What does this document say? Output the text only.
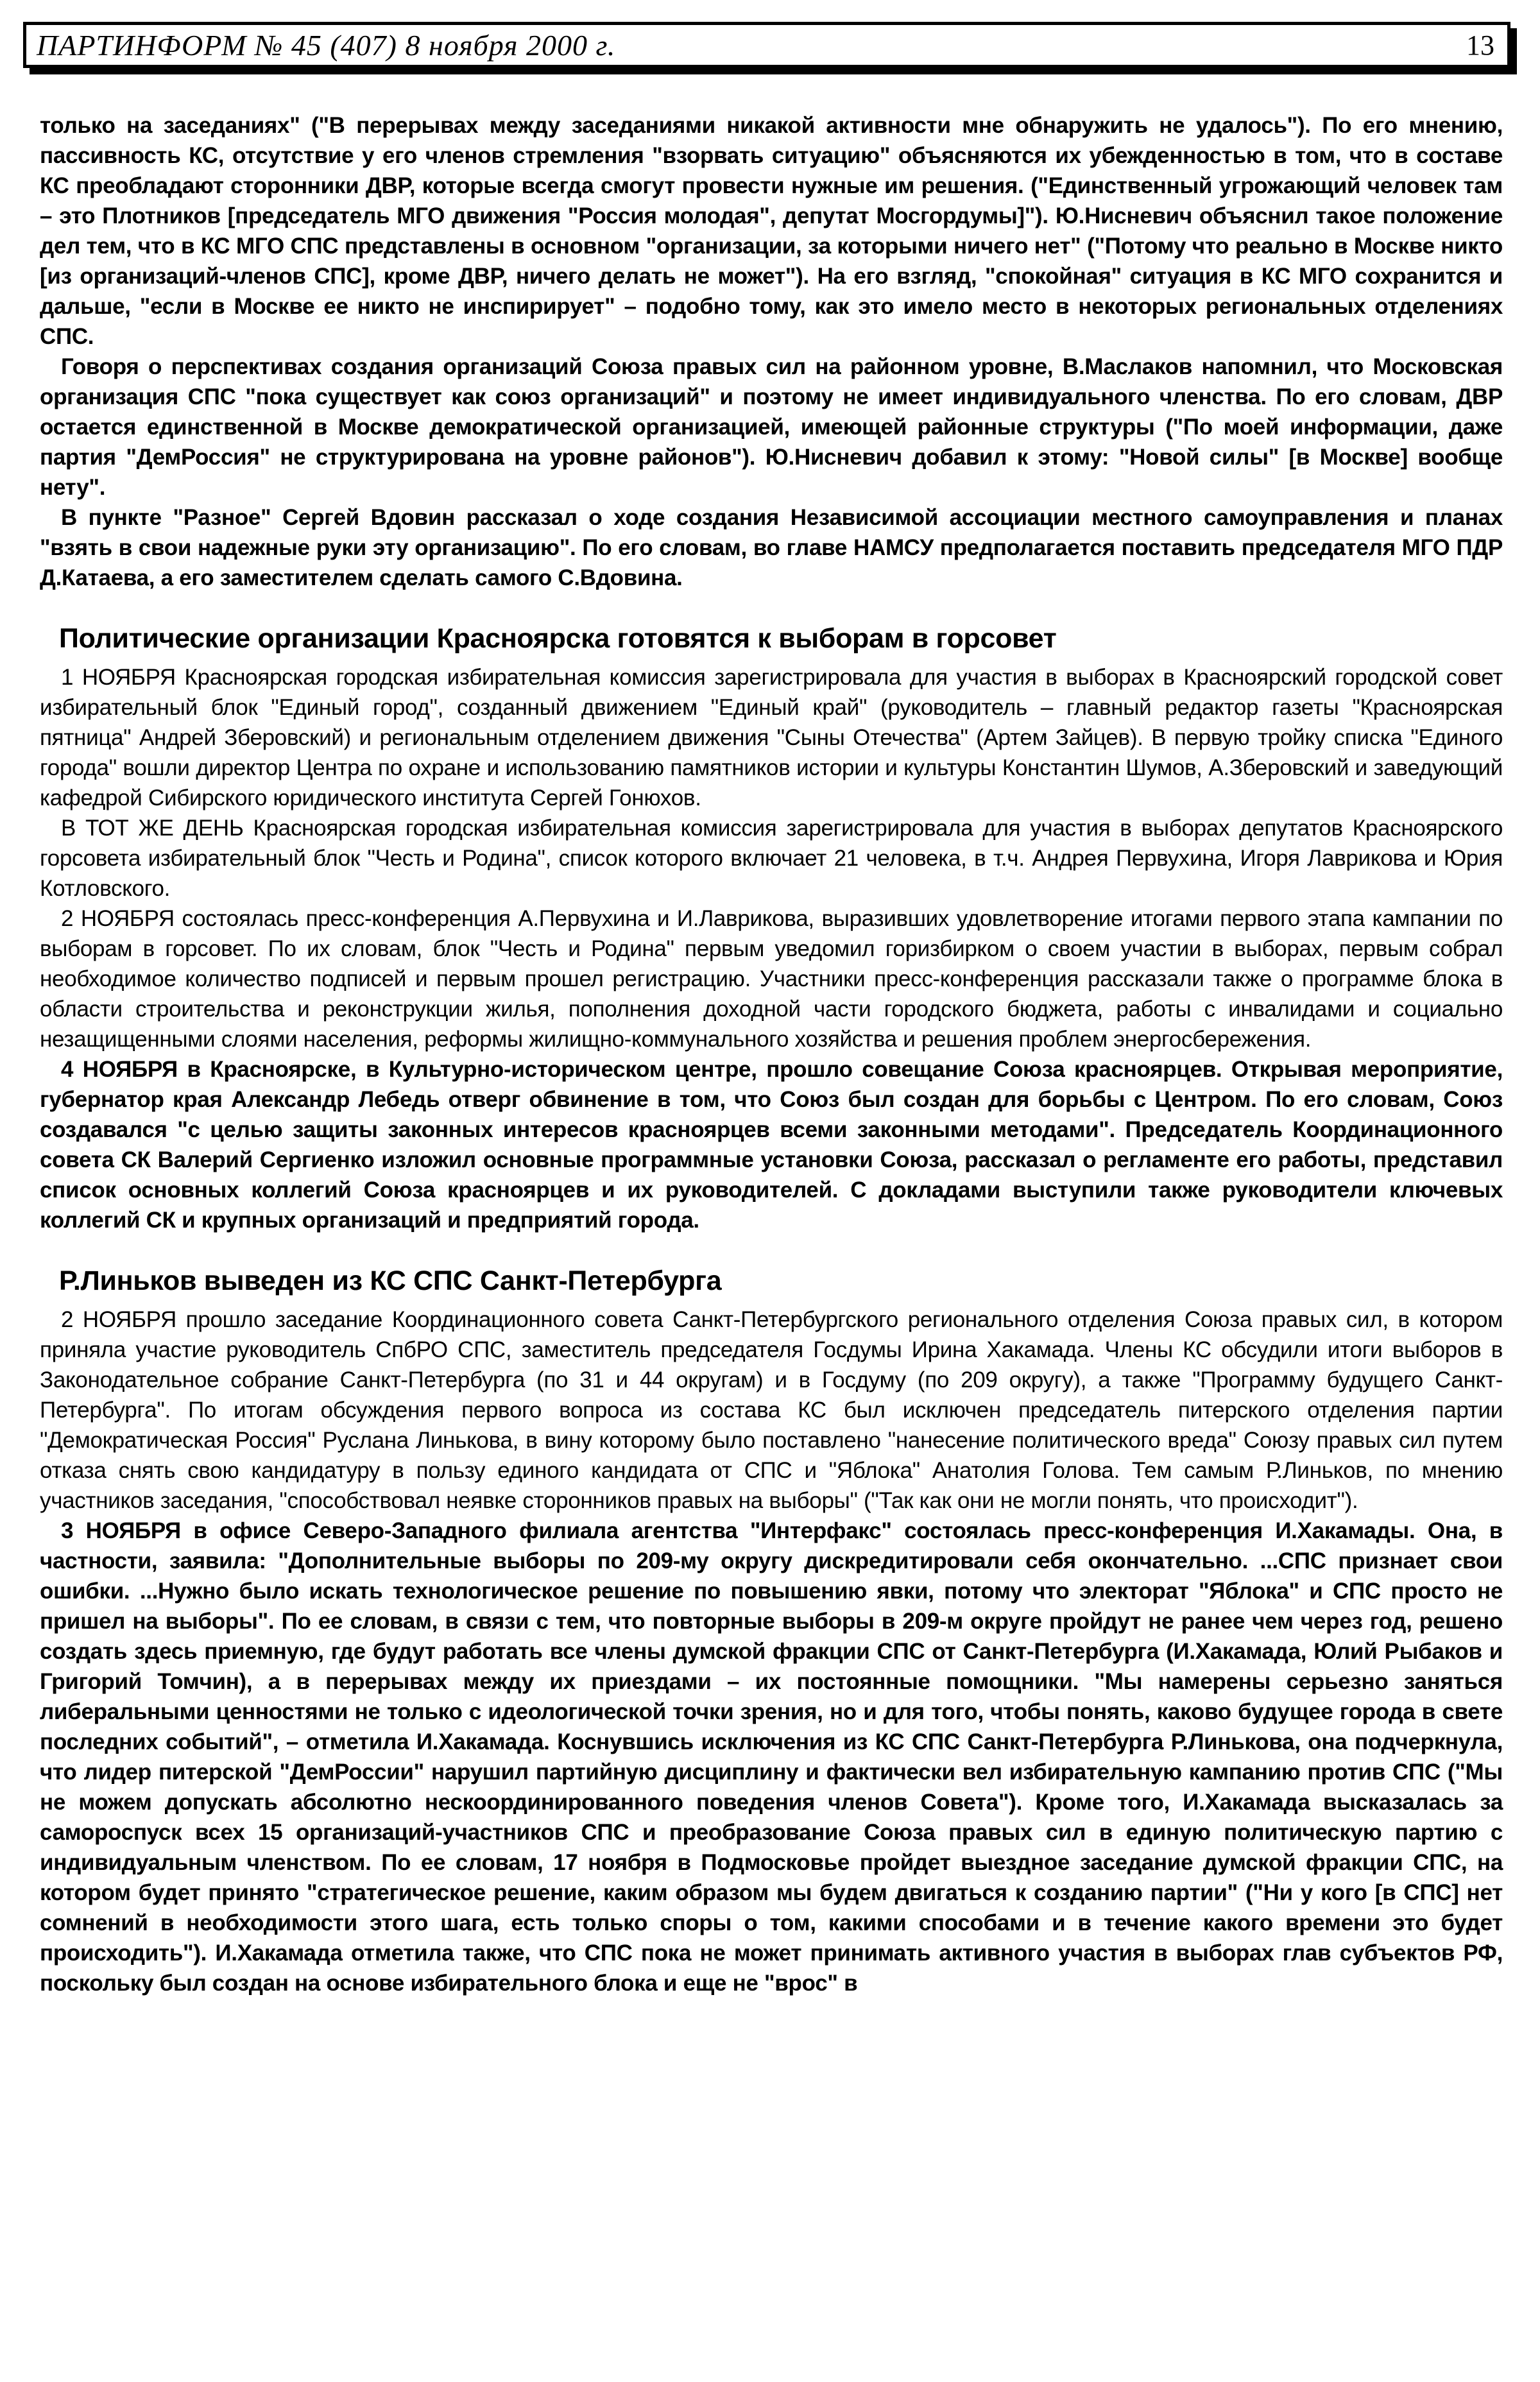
ПАРТИНФОРМ № 45 (407) 8 ноября 2000 г.	13

только на заседаниях" ("В перерывах между заседаниями никакой активности мне обнаружить не удалось"). По его мнению, пассивность КС, отсутствие у его членов стремления "взорвать ситуацию" объясняются их убежденностью в том, что в составе КС преобладают сторонники ДВР, которые всегда смогут провести нужные им решения. ("Единственный угрожающий человек там – это Плотников [председатель МГО движения "Россия молодая", депутат Мосгордумы]"). Ю.Нисневич объяснил такое положение дел тем, что в КС МГО СПС представлены в основном "организации, за которыми ничего нет" ("Потому что реально в Москве никто [из организаций-членов СПС], кроме ДВР, ничего делать не может"). На его взгляд, "спокойная" ситуация в КС МГО сохранится и дальше, "если в Москве ее никто не инспирирует" – подобно тому, как это имело место в некоторых региональных отделениях СПС.

Говоря о перспективах создания организаций Союза правых сил на районном уровне, В.Маслаков напомнил, что Московская организация СПС "пока существует как союз организаций" и поэтому не имеет индивидуального членства. По его словам, ДВР остается единственной в Москве демократической организацией, имеющей районные структуры ("По моей информации, даже партия "ДемРоссия" не структурирована на уровне районов"). Ю.Нисневич добавил к этому: "Новой силы" [в Москве] вообще нету".

В пункте "Разное" Сергей Вдовин рассказал о ходе создания Независимой ассоциации местного самоуправления и планах "взять в свои надежные руки эту организацию". По его словам, во главе НАМСУ предполагается поставить председателя МГО ПДР Д.Катаева, а его заместителем сделать самого С.Вдовина.

Политические организации Красноярска готовятся к выборам в горсовет

1 НОЯБРЯ Красноярская городская избирательная комиссия зарегистрировала для участия в выборах в Красноярский городской совет избирательный блок "Единый город", созданный движением "Единый край" (руководитель – главный редактор газеты "Красноярская пятница" Андрей Зберовский) и региональным отделением движения "Сыны Отечества" (Артем Зайцев). В первую тройку списка "Единого города" вошли директор Центра по охране и использованию памятников истории и культуры Константин Шумов, А.Зберовский и заведующий кафедрой Сибирского юридического института Сергей Гонюхов.

В ТОТ ЖЕ ДЕНЬ Красноярская городская избирательная комиссия зарегистрировала для участия в выборах депутатов Красноярского горсовета избирательный блок "Честь и Родина", список которого включает 21 человека, в т.ч. Андрея Первухина, Игоря Лаврикова и Юрия Котловского.

2 НОЯБРЯ состоялась пресс-конференция А.Первухина и И.Лаврикова, выразивших удовлетворение итогами первого этапа кампании по выборам в горсовет. По их словам, блок "Честь и Родина" первым уведомил горизбирком о своем участии в выборах, первым собрал необходимое количество подписей и первым прошел регистрацию. Участники пресс-конференция рассказали также о программе блока в области строительства и реконструкции жилья, пополнения доходной части городского бюджета, работы с инвалидами и социально незащищенными слоями населения, реформы жилищно-коммунального хозяйства и решения проблем энергосбережения.

4 НОЯБРЯ в Красноярске, в Культурно-историческом центре, прошло совещание Союза красноярцев. Открывая мероприятие, губернатор края Александр Лебедь отверг обвинение в том, что Союз был создан для борьбы с Центром. По его словам, Союз создавался "с целью защиты законных интересов красноярцев всеми законными методами". Председатель Координационного совета СК Валерий Сергиенко изложил основные программные установки Союза, рассказал о регламенте его работы, представил список основных коллегий Союза красноярцев и их руководителей. С докладами выступили также руководители ключевых коллегий СК и крупных организаций и предприятий города.

Р.Линьков выведен из КС СПС Санкт-Петербурга

2 НОЯБРЯ прошло заседание Координационного совета Санкт-Петербургского регионального отделения Союза правых сил, в котором приняла участие руководитель СпбРО СПС, заместитель председателя Госдумы Ирина Хакамада. Члены КС обсудили итоги выборов в Законодательное собрание Санкт-Петербурга (по 31 и 44 округам) и в Госдуму (по 209 округу), а также "Программу будущего Санкт-Петербурга". По итогам обсуждения первого вопроса из состава КС был исключен председатель питерского отделения партии "Демократическая Россия" Руслана Линькова, в вину которому было поставлено "нанесение политического вреда" Союзу правых сил путем отказа снять свою кандидатуру в пользу единого кандидата от СПС и "Яблока" Анатолия Голова. Тем самым Р.Линьков, по мнению участников заседания, "способствовал неявке сторонников правых на выборы" ("Так как они не могли понять, что происходит").

3 НОЯБРЯ в офисе Северо-Западного филиала агентства "Интерфакс" состоялась пресс-конференция И.Хакамады. Она, в частности, заявила: "Дополнительные выборы по 209-му округу дискредитировали себя окончательно. ...СПС признает свои ошибки. ...Нужно было искать технологическое решение по повышению явки, потому что электорат "Яблока" и СПС просто не пришел на выборы". По ее словам, в связи с тем, что повторные выборы в 209-м округе пройдут не ранее чем через год, решено создать здесь приемную, где будут работать все члены думской фракции СПС от Санкт-Петербурга (И.Хакамада, Юлий Рыбаков и Григорий Томчин), а в перерывах между их приездами – их постоянные помощники. "Мы намерены серьезно заняться либеральными ценностями не только с идеологической точки зрения, но и для того, чтобы понять, каково будущее города в свете последних событий", – отметила И.Хакамада. Коснувшись исключения из КС СПС Санкт-Петербурга Р.Линькова, она подчеркнула, что лидер питерской "ДемРоссии" нарушил партийную дисциплину и фактически вел избирательную кампанию против СПС ("Мы не можем допускать абсолютно нескоординированного поведения членов Совета"). Кроме того, И.Хакамада высказалась за самороспуск всех 15 организаций-участников СПС и преобразование Союза правых сил в единую политическую партию с индивидуальным членством. По ее словам, 17 ноября в Подмосковье пройдет выездное заседание думской фракции СПС, на котором будет принято "стратегическое решение, каким образом мы будем двигаться к созданию партии" ("Ни у кого [в СПС] нет сомнений в необходимости этого шага, есть только споры о том, какими способами и в течение какого времени это будет происходить"). И.Хакамада отметила также, что СПС пока не может принимать активного участия в выборах глав субъектов РФ, поскольку был создан на основе избирательного блока и еще не "врос" в
